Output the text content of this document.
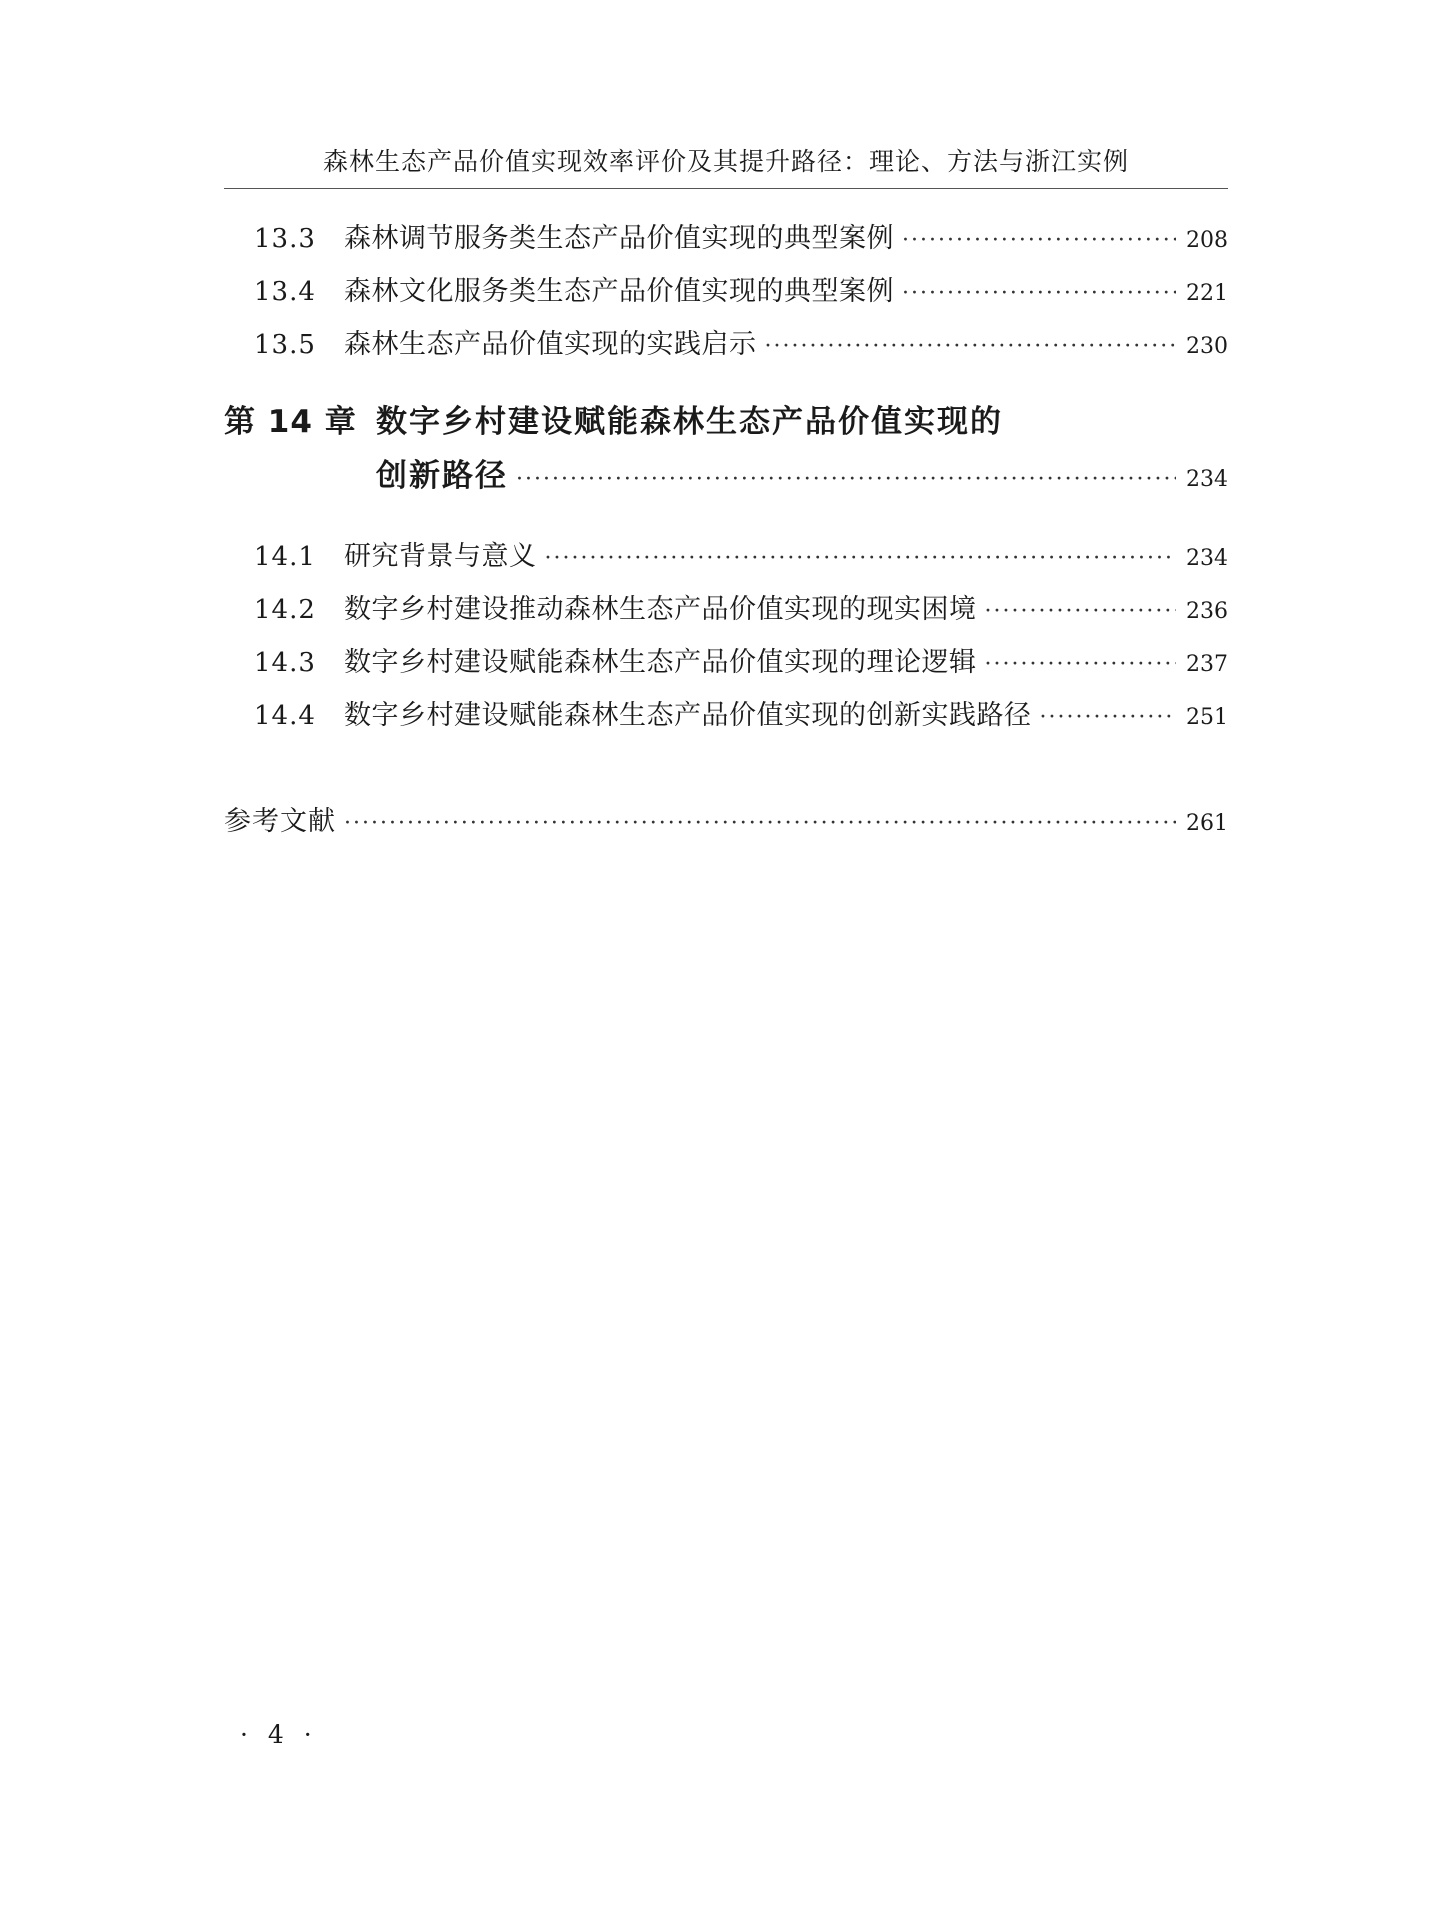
森林生态产品价值实现效率评价及其提升路径：理论、方法与浙江实例
13.3	森林调节服务类生态产品价值实现的典型案例 ·····	208
13.4	森林文化服务类生态产品价值实现的典型案例 ·····	221
13.5	森林生态产品价值实现的实践启示 ·····	230
第 14 章 数字乡村建设赋能森林生态产品价值实现的
创新路径 ·····	234
14.1	研究背景与意义 ·····	234
14.2	数字乡村建设推动森林生态产品价值实现的现实困境 ·····	236
14.3	数字乡村建设赋能森林生态产品价值实现的理论逻辑 ·····	237
14.4	数字乡村建设赋能森林生态产品价值实现的创新实践路径 ·····	251
参考文献 ·····	261
· 4 ·
